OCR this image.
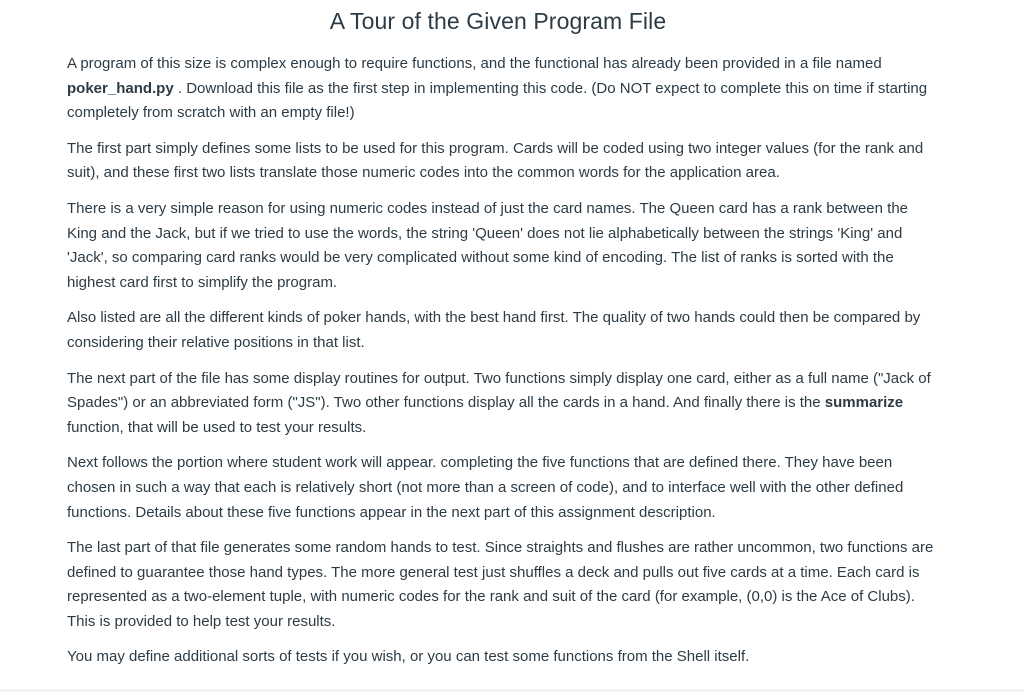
A Tour of the Given Program File

A program of this size is complex enough to require functions, and the functional has already been provided in a file named poker_hand.py . Download this file as the first step in implementing this code. (Do NOT expect to complete this on time if starting completely from scratch with an empty file!)

The first part simply defines some lists to be used for this program. Cards will be coded using two integer values (for the rank and suit), and these first two lists translate those numeric codes into the common words for the application area.

There is a very simple reason for using numeric codes instead of just the card names. The Queen card has a rank between the King and the Jack, but if we tried to use the words, the string 'Queen' does not lie alphabetically between the strings 'King' and 'Jack', so comparing card ranks would be very complicated without some kind of encoding. The list of ranks is sorted with the highest card first to simplify the program.

Also listed are all the different kinds of poker hands, with the best hand first. The quality of two hands could then be compared by considering their relative positions in that list.

The next part of the file has some display routines for output. Two functions simply display one card, either as a full name ("Jack of Spades") or an abbreviated form ("JS"). Two other functions display all the cards in a hand. And finally there is the summarize function, that will be used to test your results.

Next follows the portion where student work will appear. completing the five functions that are defined there. They have been chosen in such a way that each is relatively short (not more than a screen of code), and to interface well with the other defined functions. Details about these five functions appear in the next part of this assignment description.

The last part of that file generates some random hands to test. Since straights and flushes are rather uncommon, two functions are defined to guarantee those hand types. The more general test just shuffles a deck and pulls out five cards at a time. Each card is represented as a two-element tuple, with numeric codes for the rank and suit of the card (for example, (0,0) is the Ace of Clubs). This is provided to help test your results.

You may define additional sorts of tests if you wish, or you can test some functions from the Shell itself.
